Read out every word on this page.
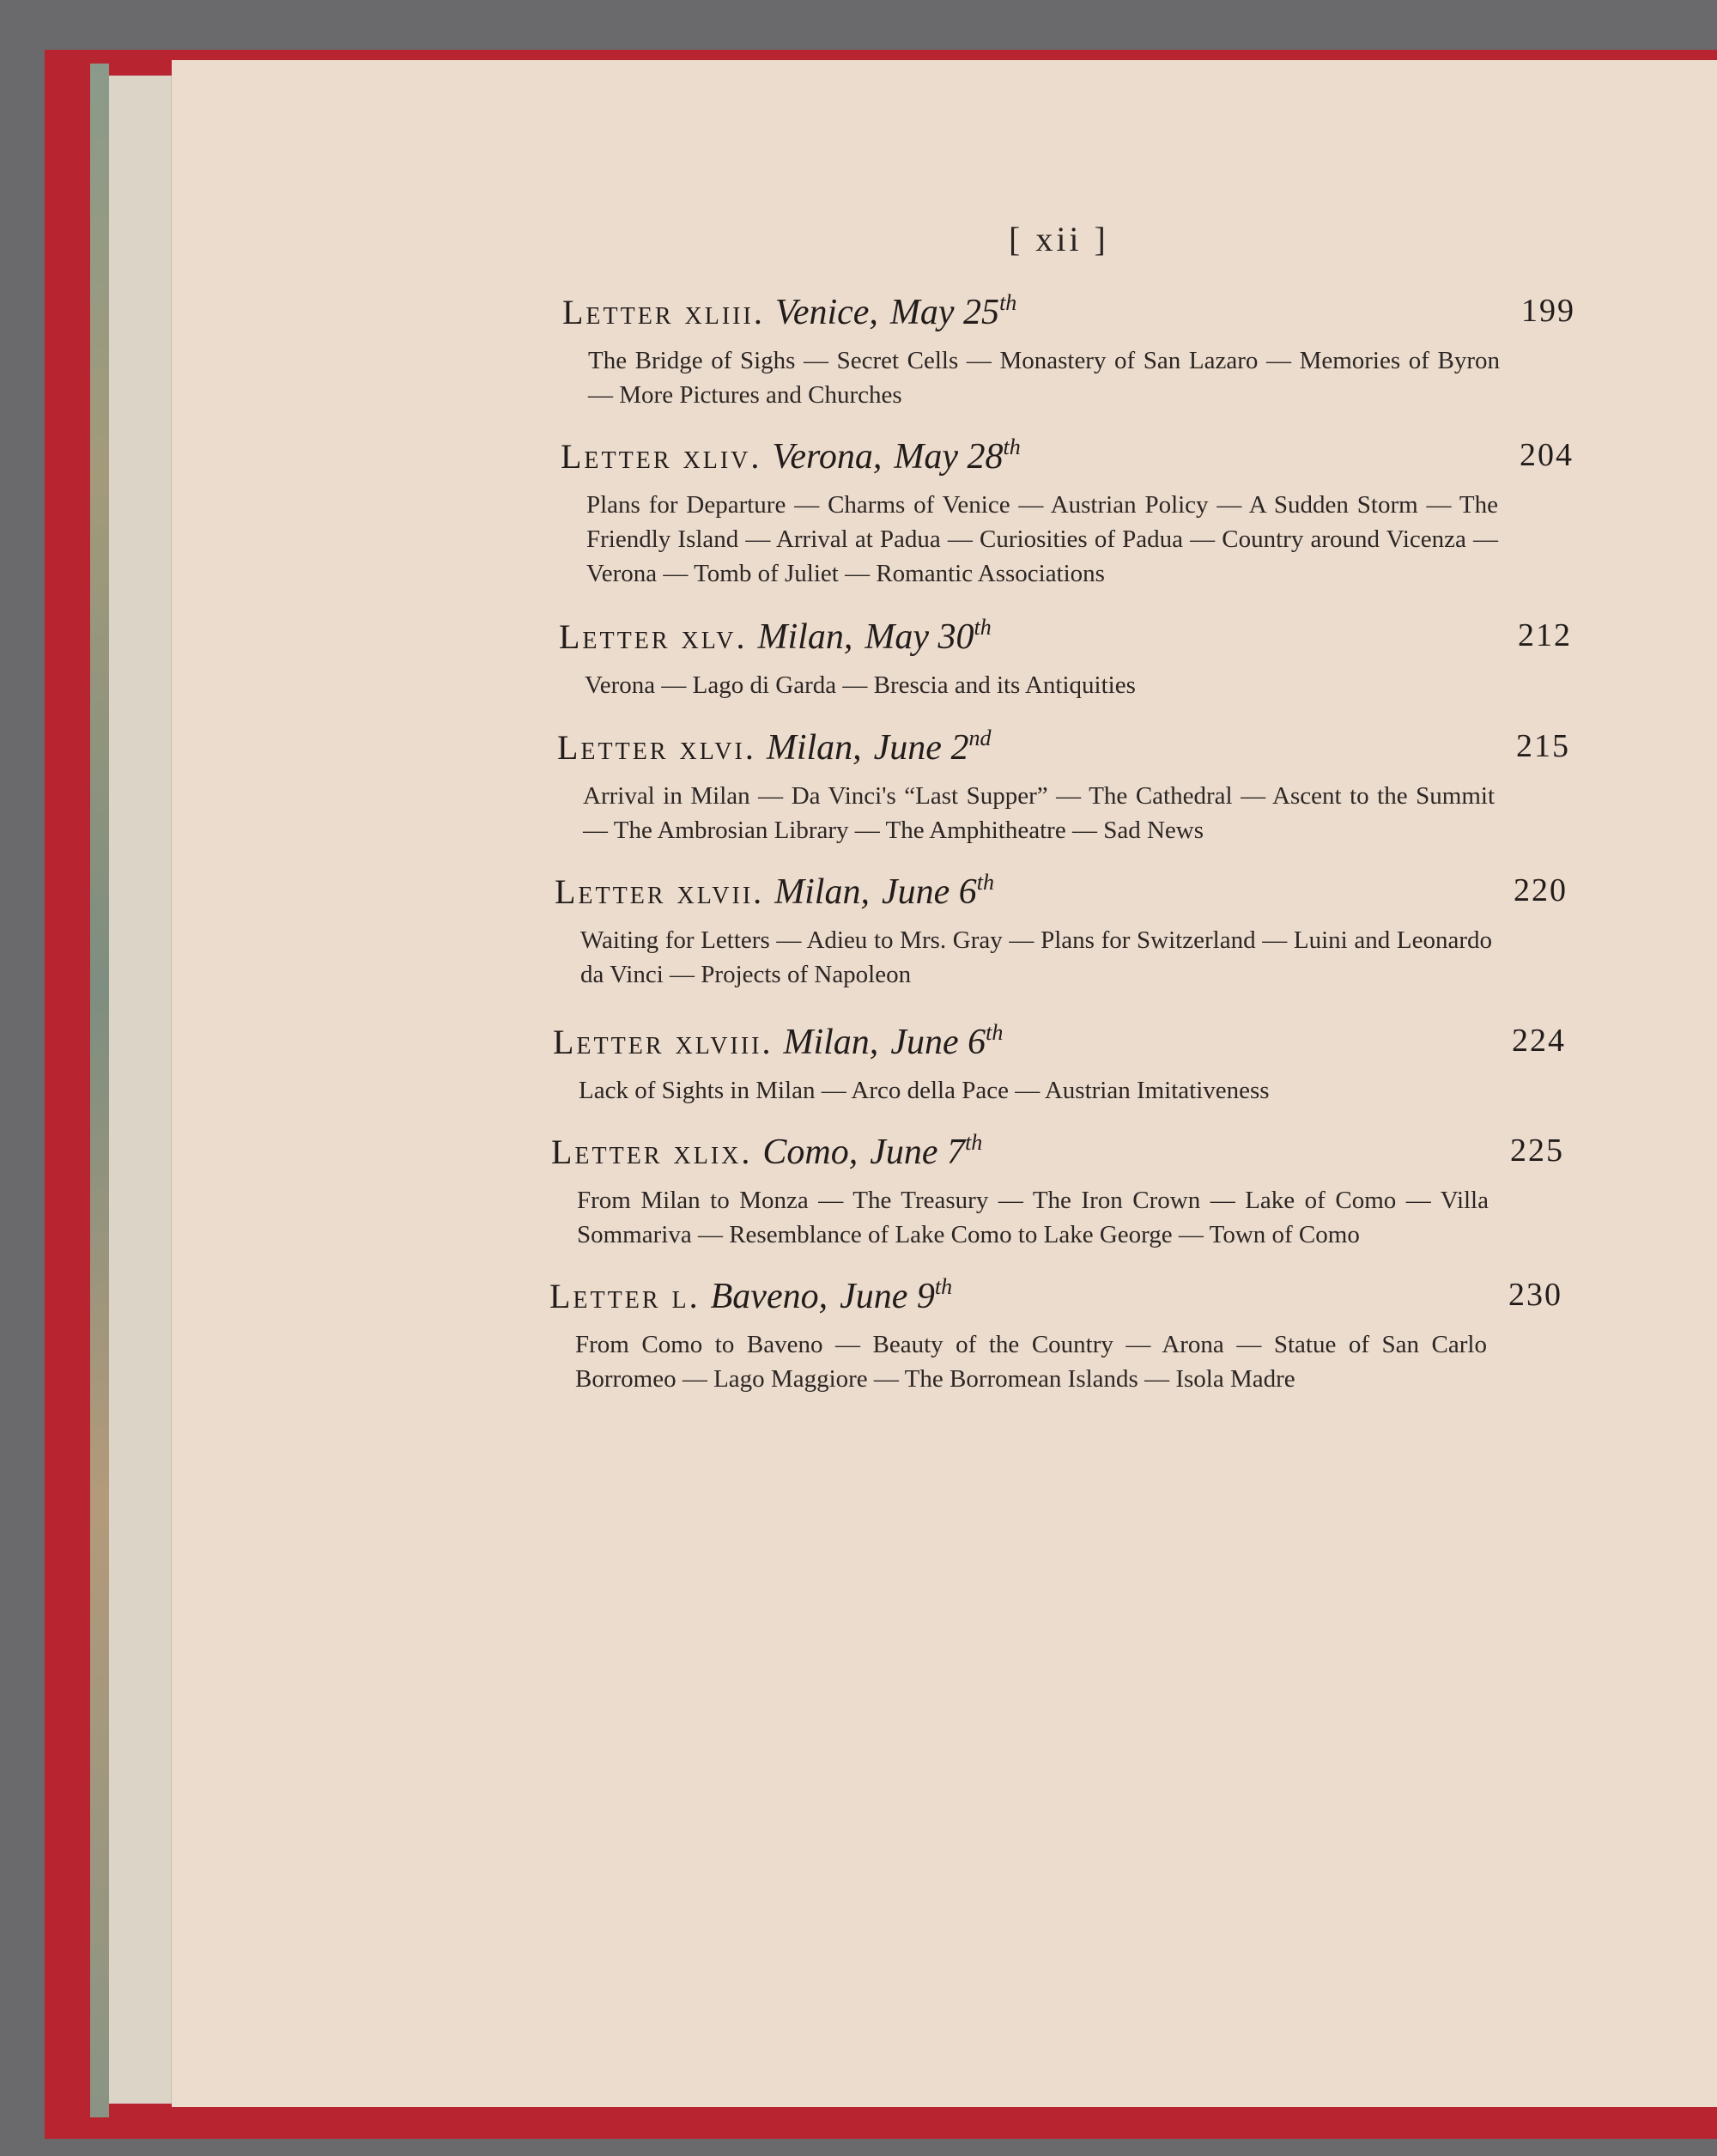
[ xii ]
Letter xliii. Venice, May 25th	199
The Bridge of Sighs — Secret Cells — Monastery of San Lazaro — Memories of Byron — More Pictures and Churches
Letter xliv. Verona, May 28th	204
Plans for Departure — Charms of Venice — Austrian Policy — A Sudden Storm — The Friendly Island — Arrival at Padua — Curiosities of Padua — Country around Vicenza — Verona — Tomb of Juliet — Romantic Associations
Letter xlv. Milan, May 30th	212
Verona — Lago di Garda — Brescia and its Antiquities
Letter xlvi. Milan, June 2nd	215
Arrival in Milan — Da Vinci's “Last Supper” — The Cathedral — Ascent to the Summit — The Ambrosian Library — The Amphitheatre — Sad News
Letter xlvii. Milan, June 6th	220
Waiting for Letters — Adieu to Mrs. Gray — Plans for Switzerland — Luini and Leonardo da Vinci — Projects of Napoleon
Letter xlviii. Milan, June 6th	224
Lack of Sights in Milan — Arco della Pace — Austrian Imitativeness
Letter xlix. Como, June 7th	225
From Milan to Monza — The Treasury — The Iron Crown — Lake of Como — Villa Sommariva — Resemblance of Lake Como to Lake George — Town of Como
Letter l. Baveno, June 9th	230
From Como to Baveno — Beauty of the Country — Arona — Statue of San Carlo Borromeo — Lago Maggiore — The Borromean Islands — Isola Madre
